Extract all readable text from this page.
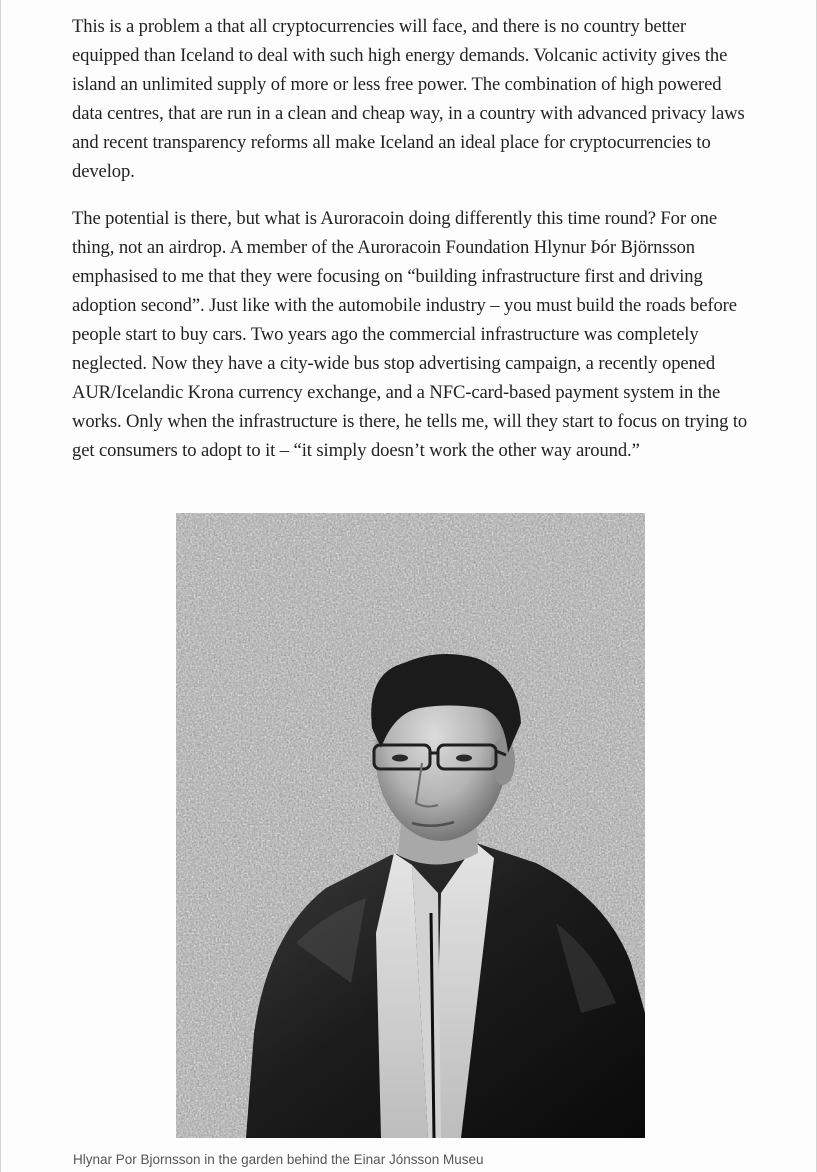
This is a problem a that all cryptocurrencies will face, and there is no country better equipped than Iceland to deal with such high energy demands. Volcanic activity gives the island an unlimited supply of more or less free power. The combination of high powered data centres, that are run in a clean and cheap way, in a country with advanced privacy laws and recent transparency reforms all make Iceland an ideal place for cryptocurrencies to develop.

The potential is there, but what is Auroracoin doing differently this time round? For one thing, not an airdrop. A member of the Auroracoin Foundation Hlynur Þór Björnsson emphasised to me that they were focusing on “building infrastructure first and driving adoption second”. Just like with the automobile industry – you must build the roads before people start to buy cars. Two years ago the commercial infrastructure was completely neglected. Now they have a city-wide bus stop advertising campaign, a recently opened AUR/Icelandic Krona currency exchange, and a NFC-card-based payment system in the works. Only when the infrastructure is there, he tells me, will they start to focus on trying to get consumers to adopt to it – “it simply doesn’t work the other way around.”

Hlynar Por Bjornsson in the garden behind the Einar Jónsson Museu
